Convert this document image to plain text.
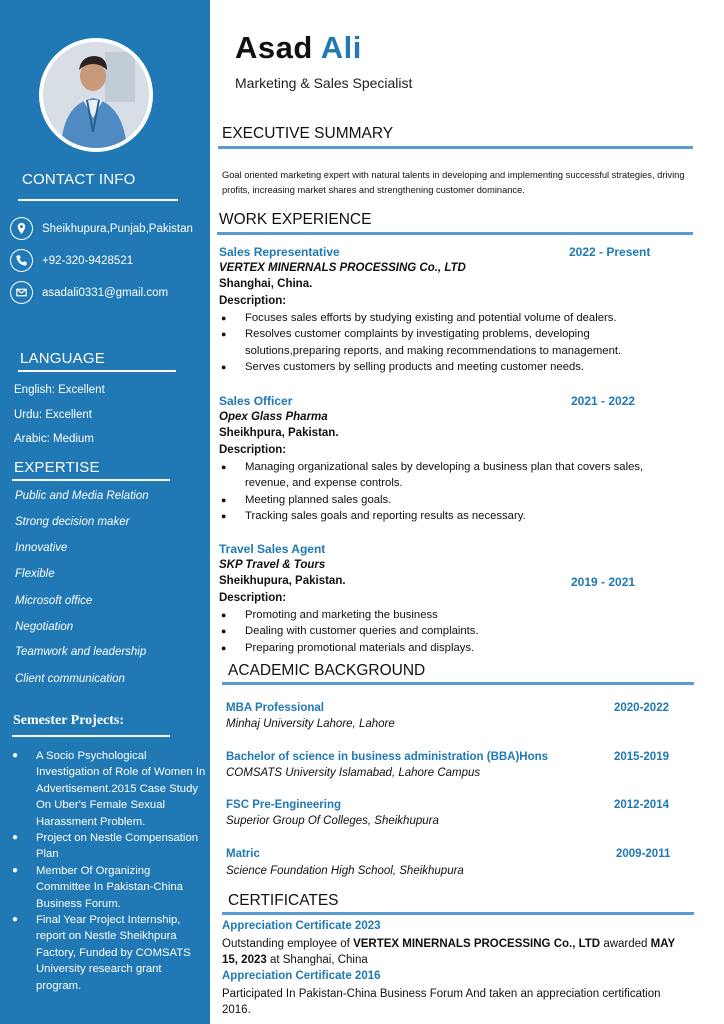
CONTACT INFO
Sheikhupura,Punjab,Pakistan
+92-320-9428521
asadali0331@gmail.com
LANGUAGE
English: Excellent
Urdu: Excellent
Arabic: Medium
EXPERTISE
Public and Media Relation
Strong decision maker
Innovative
Flexible
Microsoft office
Negotiation
Teamwork and leadership
Client communication
Semester Projects:
●	A Socio Psychological Investigation of Role of Women In Advertisement.2015 Case Study On Uber's Female Sexual Harassment Problem.
●	Project on Nestle Compensation Plan
●	Member Of Organizing Committee In Pakistan-China Business Forum.
●	Final Year Project Internship, report on Nestle Sheikhpura Factory, Funded by COMSATS University research grant program.
Asad Ali
Marketing & Sales Specialist
EXECUTIVE SUMMARY
Goal oriented marketing expert with natural talents in developing and implementing successful strategies, driving profits, increasing market shares and strengthening customer dominance.
WORK EXPERIENCE
Sales Representative	2022 - Present
VERTEX MINERNALS PROCESSING Co., LTD
Shanghai, China.
Description:
●	Focuses sales efforts by studying existing and potential volume of dealers.
●	Resolves customer complaints by investigating problems, developing solutions,preparing reports, and making recommendations to management.
●	Serves customers by selling products and meeting customer needs.
Sales Officer	2021 - 2022
Opex Glass Pharma
Sheikhpura, Pakistan.
Description:
●	Managing organizational sales by developing a business plan that covers sales, revenue, and expense controls.
●	Meeting planned sales goals.
●	Tracking sales goals and reporting results as necessary.
Travel Sales Agent
SKP Travel & Tours
Sheikhupura, Pakistan.	2019 - 2021
Description:
●	Promoting and marketing the business
●	Dealing with customer queries and complaints.
●	Preparing promotional materials and displays.
ACADEMIC BACKGROUND
MBA Professional	2020-2022
Minhaj University Lahore, Lahore
Bachelor of science in business administration (BBA)Hons	2015-2019
COMSATS University Islamabad, Lahore Campus
FSC Pre-Engineering	2012-2014
Superior Group Of Colleges, Sheikhupura
Matric	2009-2011
Science Foundation High School, Sheikhupura
CERTIFICATES
Appreciation Certificate 2023
Outstanding employee of VERTEX MINERNALS PROCESSING Co., LTD awarded MAY 15, 2023 at Shanghai, China
Appreciation Certificate 2016
Participated In Pakistan-China Business Forum And taken an appreciation certification 2016.
